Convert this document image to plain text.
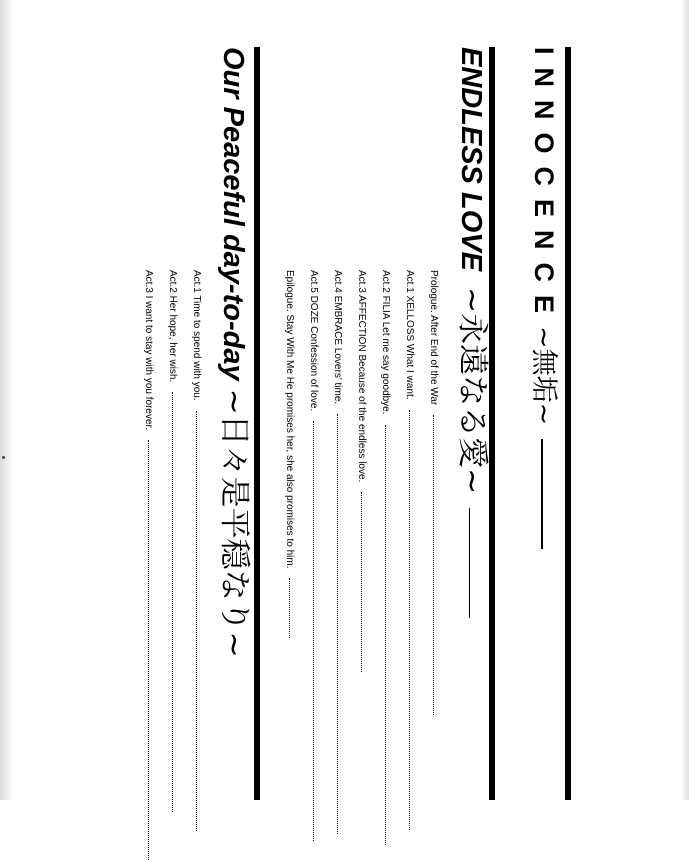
INNOCENCE~無垢~
ENDLESS LOVE  ~永遠なる愛~
Prologue. After End of the War
Act.1 XELLOSS What I want.
Act.2 FILIA Let me say goodbye.
Act.3 AFFECTION Because of the endless love.
Act.4 EMBRACE Lovers' time.
Act.5 DOZE Confession of love.
Epilogue. Stay With Me He promises her, she also promises to him.
Our Peaceful day-to-day ~日々是平穏なり~
Act.1 Time to spend with you.
Act.2 Her hope, her wish.
Act.3 I want to stay with you forever.
